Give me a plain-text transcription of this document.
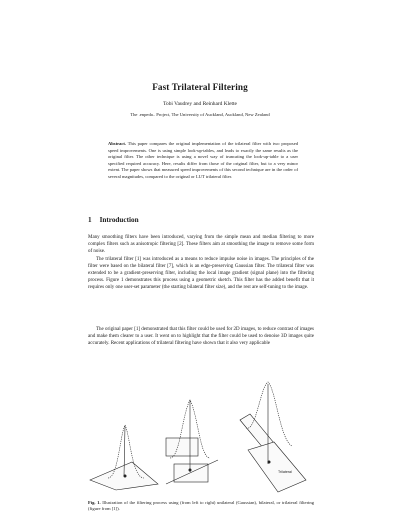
Fast Trilateral Filtering
Tobi Vaudrey and Reinhard Klette
The .enpeda.. Project, The University of Auckland, Auckland, New Zealand
Abstract. This paper compares the original implementation of the trilateral filter with two proposed speed improvements. One is using simple look-up-tables, and leads to exactly the same results as the original filter. The other technique is using a novel way of truncating the look-up-table to a user specified required accuracy. Here, results differ from those of the original filter, but to a very minor extent. The paper shows that measured speed improvements of this second technique are in the order of several magnitudes, compared to the original or LUT trilateral filter.
1 Introduction
Many smoothing filters have been introduced, varying from the simple mean and median filtering to more complex filters such as anisotropic filtering [2]. These filters aim at smoothing the image to remove some form of noise.
The trilateral filter [1] was introduced as a means to reduce impulse noise in images. The principles of the filter were based on the bilateral filter [7], which is an edge-preserving Gaussian filter. The trilateral filter was extended to be a gradient-preserving filter, including the local image gradient (signal plane) into the filtering process. Figure 1 demonstrates this process using a geometric sketch. This filter has the added benefit that it requires only one user-set parameter (the starting bilateral filter size), and the rest are self-tuning to the image.
The original paper [1] demonstrated that this filter could be used for 2D images, to reduce contrast of images and make them clearer to a user. It went on to highlight that the filter could be used to denoise 3D images quite accurately. Recent applications of trilateral filtering have shown that it also very applicable
Trilateral
Fig. 1. Illustration of the filtering process using (from left to right) unilateral (Gaussian), bilateral, or trilateral filtering (figure from [1]).
